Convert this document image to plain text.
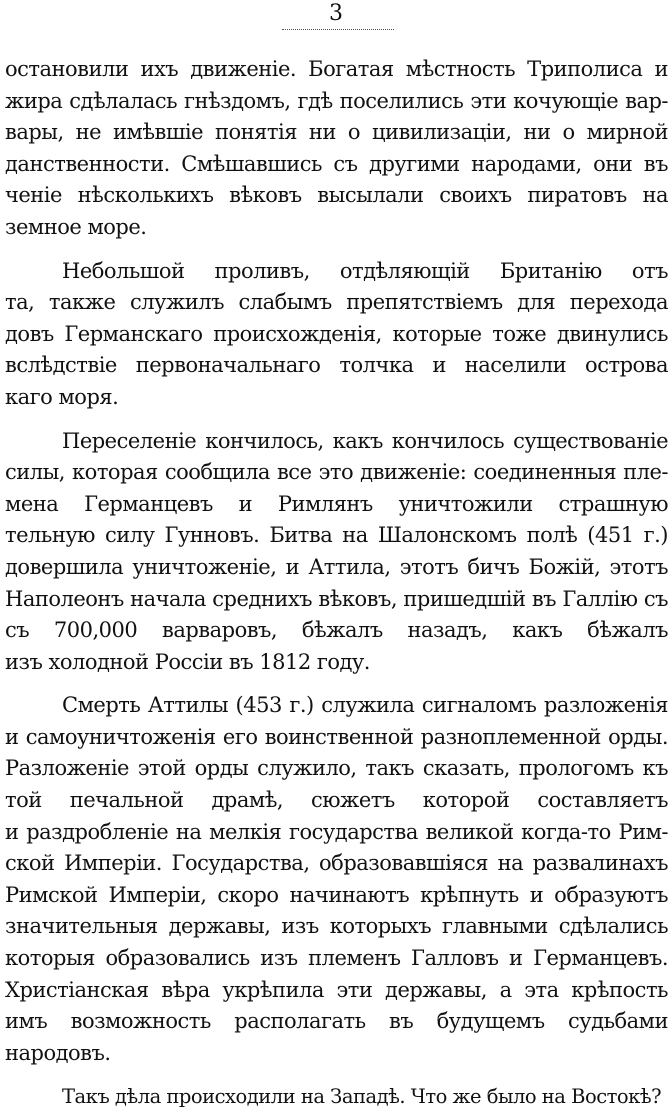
3
остановили ихъ движеніе. Богатая мѣстность Триполиса и
жира сдѣлалась гнѣздомъ, гдѣ поселились эти кочующіе вар-
вары, не имѣвшіе понятія ни о цивилизаціи, ни о мирной
данственности. Смѣшавшись съ другими народами, они въ
ченіе нѣсколькихъ вѣковъ высылали своихъ пиратовъ на
земное море.
Небольшой проливъ, отдѣляющій Британію отъ
та, также служилъ слабымъ препятствіемъ для перехода
довъ Германскаго происхожденія, которые тоже двинулись
вслѣдствіе первоначальнаго толчка и населили острова
каго моря.
Переселеніе кончилось, какъ кончилось существованіе
силы, которая сообщила все это движеніе: соединенныя пле-
мена Германцевъ и Римлянъ уничтожили страшную
тельную силу Гунновъ. Битва на Шалонскомъ полѣ (451 г.)
довершила уничтоженіе, и Аттила, этотъ бичъ Божій, этотъ
Наполеонъ начала среднихъ вѣковъ, пришедшій въ Галлію съ
съ 700,000 варваровъ, бѣжалъ назадъ, какъ бѣжалъ
изъ холодной Россіи въ 1812 году.
Смерть Аттилы (453 г.) служила сигналомъ разложенія
и самоуничтоженія его воинственной разноплеменной орды.
Разложеніе этой орды служило, такъ сказать, прологомъ къ
той печальной драмѣ, сюжетъ которой составляетъ
и раздробленіе на мелкія государства великой когда-то Рим-
ской Имперіи. Государства, образовавшіяся на развалинахъ
Римской Имперіи, скоро начинаютъ крѣпнуть и образуютъ
значительныя державы, изъ которыхъ главными сдѣлались
которыя образовались изъ племенъ Галловъ и Германцевъ.
Христіанская вѣра укрѣпила эти державы, а эта крѣпость
имъ возможность располагать въ будущемъ судьбами
народовъ.
Такъ дѣла происходили на Западѣ. Что же было на Востокѣ?
